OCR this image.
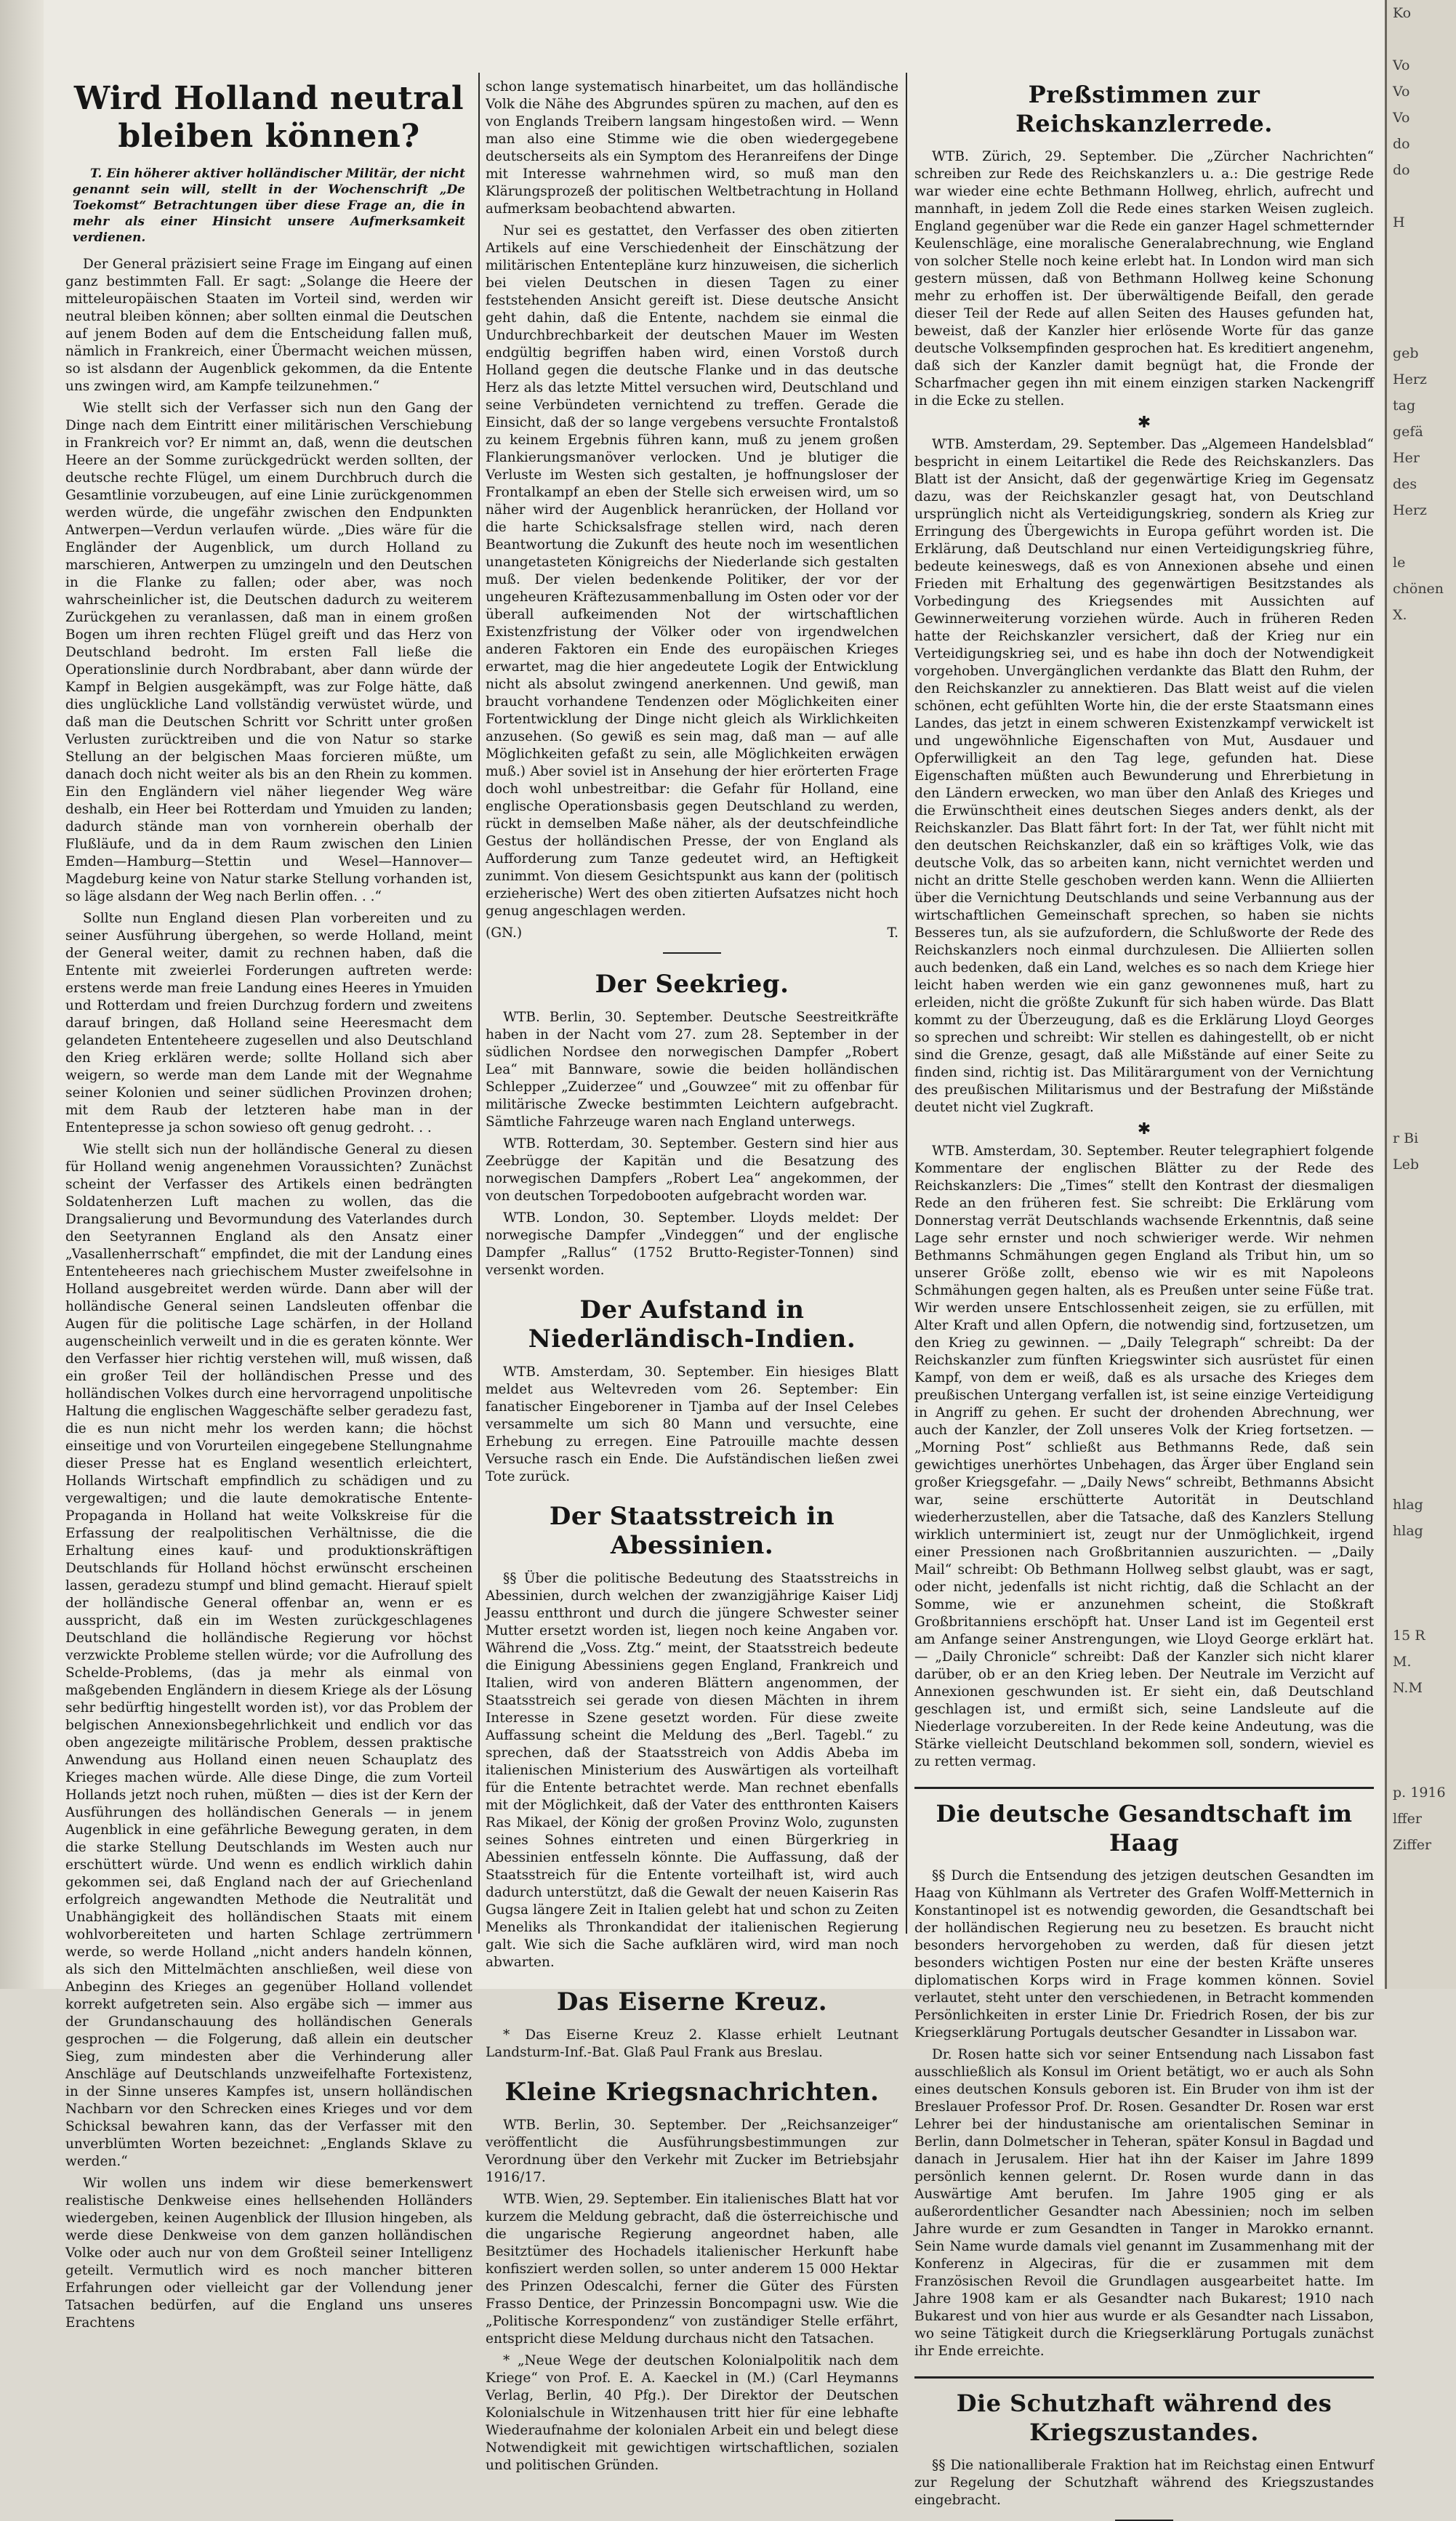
Wird Holland neutral bleiben können?

T. Ein höherer aktiver holländischer Militär, der nicht genannt sein will, stellt in der Wochenschrift „De Toekomst“ Betrachtungen über diese Frage an, die in mehr als einer Hinsicht unsere Aufmerksamkeit verdienen.

Der General präzisiert seine Frage im Eingang auf einen ganz bestimmten Fall. Er sagt: „Solange die Heere der mitteleuropäischen Staaten im Vorteil sind, werden wir neutral bleiben können; aber sollten einmal die Deutschen auf jenem Boden auf dem die Entscheidung fallen muß, nämlich in Frankreich, einer Übermacht weichen müssen, so ist alsdann der Augenblick gekommen, da die Entente uns zwingen wird, am Kampfe teilzunehmen.“

Wie stellt sich der Verfasser sich nun den Gang der Dinge nach dem Eintritt einer militärischen Verschiebung in Frankreich vor? Er nimmt an, daß, wenn die deutschen Heere an der Somme zurückgedrückt werden sollten, der deutsche rechte Flügel, um einem Durchbruch durch die Gesamtlinie vorzubeugen, auf eine Linie zurückgenommen werden würde, die ungefähr zwischen den Endpunkten Antwerpen—Verdun verlaufen würde. „Dies wäre für die Engländer der Augenblick, um durch Holland zu marschieren, Antwerpen zu umzingeln und den Deutschen in die Flanke zu fallen; oder aber, was noch wahrscheinlicher ist, die Deutschen dadurch zu weiterem Zurückgehen zu veranlassen, daß man in einem großen Bogen um ihren rechten Flügel greift und das Herz von Deutschland bedroht. Im ersten Fall ließe die Operationslinie durch Nordbrabant, aber dann würde der Kampf in Belgien ausgekämpft, was zur Folge hätte, daß dies unglückliche Land vollständig verwüstet würde, und daß man die Deutschen Schritt vor Schritt unter großen Verlusten zurücktreiben und die von Natur so starke Stellung an der belgischen Maas forcieren müßte, um danach doch nicht weiter als bis an den Rhein zu kommen. Ein den Engländern viel näher liegender Weg wäre deshalb, ein Heer bei Rotterdam und Ymuiden zu landen; dadurch stände man von vornherein oberhalb der Flußläufe, und da in dem Raum zwischen den Linien Emden—Hamburg—Stettin und Wesel—Hannover—Magdeburg keine von Natur starke Stellung vorhanden ist, so läge alsdann der Weg nach Berlin offen. . .“

Sollte nun England diesen Plan vorbereiten und zu seiner Ausführung übergehen, so werde Holland, meint der General weiter, damit zu rechnen haben, daß die Entente mit zweierlei Forderungen auftreten werde: erstens werde man freie Landung eines Heeres in Ymuiden und Rotterdam und freien Durchzug fordern und zweitens darauf bringen, daß Holland seine Heeresmacht dem gelandeten Ententeheere zugesellen und also Deutschland den Krieg erklären werde; sollte Holland sich aber weigern, so werde man dem Lande mit der Wegnahme seiner Kolonien und seiner südlichen Provinzen drohen; mit dem Raub der letzteren habe man in der Ententepresse ja schon sowieso oft genug gedroht. . .

Wie stellt sich nun der holländische General zu diesen für Holland wenig angenehmen Voraussichten? Zunächst scheint der Verfasser des Artikels einen bedrängten Soldatenherzen Luft machen zu wollen, das die Drangsalierung und Bevormundung des Vaterlandes durch den Seetyrannen England als den Ansatz einer „Vasallenherrschaft“ empfindet, die mit der Landung eines Ententeheeres nach griechischem Muster zweifelsohne in Holland ausgebreitet werden würde. Dann aber will der holländische General seinen Landsleuten offenbar die Augen für die politische Lage schärfen, in der Holland augenscheinlich verweilt und in die es geraten könnte. Wer den Verfasser hier richtig verstehen will, muß wissen, daß ein großer Teil der holländischen Presse und des holländischen Volkes durch eine hervorragend unpolitische Haltung die englischen Waggeschäfte selber geradezu fast, die es nun nicht mehr los werden kann; die höchst einseitige und von Vorurteilen eingegebene Stellungnahme dieser Presse hat es England wesentlich erleichtert, Hollands Wirtschaft empfindlich zu schädigen und zu vergewaltigen; und die laute demokratische Entente-Propaganda in Holland hat weite Volkskreise für die Erfassung der realpolitischen Verhältnisse, die die Erhaltung eines kauf- und produktionskräftigen Deutschlands für Holland höchst erwünscht erscheinen lassen, geradezu stumpf und blind gemacht. Hierauf spielt der holländische General offenbar an, wenn er es ausspricht, daß ein im Westen zurückgeschlagenes Deutschland die holländische Regierung vor höchst verzwickte Probleme stellen würde; vor die Aufrollung des Schelde-Problems, (das ja mehr als einmal von maßgebenden Engländern in diesem Kriege als der Lösung sehr bedürftig hingestellt worden ist), vor das Problem der belgischen Annexionsbegehrlichkeit und endlich vor das oben angezeigte militärische Problem, dessen praktische Anwendung aus Holland einen neuen Schauplatz des Krieges machen würde. Alle diese Dinge, die zum Vorteil Hollands jetzt noch ruhen, müßten — dies ist der Kern der Ausführungen des holländischen Generals — in jenem Augenblick in eine gefährliche Bewegung geraten, in dem die starke Stellung Deutschlands im Westen auch nur erschüttert würde. Und wenn es endlich wirklich dahin gekommen sei, daß England nach der auf Griechenland erfolgreich angewandten Methode die Neutralität und Unabhängigkeit des holländischen Staats mit einem wohlvorbereiteten und harten Schlage zertrümmern werde, so werde Holland „nicht anders handeln können, als sich den Mittelmächten anschließen, weil diese von Anbeginn des Krieges an gegenüber Holland vollendet korrekt aufgetreten sein. Also ergäbe sich — immer aus der Grundanschauung des holländischen Generals gesprochen — die Folgerung, daß allein ein deutscher Sieg, zum mindesten aber die Verhinderung aller Anschläge auf Deutschlands unzweifelhafte Fortexistenz, in der Sinne unseres Kampfes ist, unsern holländischen Nachbarn vor den Schrecken eines Krieges und vor dem Schicksal bewahren kann, das der Verfasser mit den unverblümten Worten bezeichnet: „Englands Sklave zu werden.“

Wir wollen uns indem wir diese bemerkenswert realistische Denkweise eines hellsehenden Holländers wiedergeben, keinen Augenblick der Illusion hingeben, als werde diese Denkweise von dem ganzen holländischen Volke oder auch nur von dem Großteil seiner Intelligenz geteilt. Vermutlich wird es noch mancher bitteren Erfahrungen oder vielleicht gar der Vollendung jener Tatsachen bedürfen, auf die England uns unseres Erachtens

schon lange systematisch hinarbeitet, um das holländische Volk die Nähe des Abgrundes spüren zu machen, auf den es von Englands Treibern langsam hingestoßen wird. — Wenn man also eine Stimme wie die oben wiedergegebene deutscherseits als ein Symptom des Heranreifens der Dinge mit Interesse wahrnehmen wird, so muß man den Klärungsprozeß der politischen Weltbetrachtung in Holland aufmerksam beobachtend abwarten.

Nur sei es gestattet, den Verfasser des oben zitierten Artikels auf eine Verschiedenheit der Einschätzung der militärischen Ententepläne kurz hinzuweisen, die sicherlich bei vielen Deutschen in diesen Tagen zu einer feststehenden Ansicht gereift ist. Diese deutsche Ansicht geht dahin, daß die Entente, nachdem sie einmal die Undurchbrechbarkeit der deutschen Mauer im Westen endgültig begriffen haben wird, einen Vorstoß durch Holland gegen die deutsche Flanke und in das deutsche Herz als das letzte Mittel versuchen wird, Deutschland und seine Verbündeten vernichtend zu treffen. Gerade die Einsicht, daß der so lange vergebens versuchte Frontalstoß zu keinem Ergebnis führen kann, muß zu jenem großen Flankierungsmanöver verlocken. Und je blutiger die Verluste im Westen sich gestalten, je hoffnungsloser der Frontalkampf an eben der Stelle sich erweisen wird, um so näher wird der Augenblick heranrücken, der Holland vor die harte Schicksalsfrage stellen wird, nach deren Beantwortung die Zukunft des heute noch im wesentlichen unangetasteten Königreichs der Niederlande sich gestalten muß. Der vielen bedenkende Politiker, der vor der ungeheuren Kräftezusammenballung im Osten oder vor der überall aufkeimenden Not der wirtschaftlichen Existenzfristung der Völker oder von irgendwelchen anderen Faktoren ein Ende des europäischen Krieges erwartet, mag die hier angedeutete Logik der Entwicklung nicht als absolut zwingend anerkennen. Und gewiß, man braucht vorhandene Tendenzen oder Möglichkeiten einer Fortentwicklung der Dinge nicht gleich als Wirklichkeiten anzusehen. (So gewiß es sein mag, daß man — auf alle Möglichkeiten gefaßt zu sein, alle Möglichkeiten erwägen muß.) Aber soviel ist in Ansehung der hier erörterten Frage doch wohl unbestreitbar: die Gefahr für Holland, eine englische Operationsbasis gegen Deutschland zu werden, rückt in demselben Maße näher, als der deutschfeindliche Gestus der holländischen Presse, der von England als Aufforderung zum Tanze gedeutet wird, an Heftigkeit zunimmt. Von diesem Gesichtspunkt aus kann der (politisch erzieherische) Wert des oben zitierten Aufsatzes nicht hoch genug angeschlagen werden.

(GN.)	T.
Der Seekrieg.

WTB. Berlin, 30. September. Deutsche Seestreitkräfte haben in der Nacht vom 27. zum 28. September in der südlichen Nordsee den norwegischen Dampfer „Robert Lea“ mit Bannware, sowie die beiden holländischen Schlepper „Zuiderzee“ und „Gouwzee“ mit zu offenbar für militärische Zwecke bestimmten Leichtern aufgebracht. Sämtliche Fahrzeuge waren nach England unterwegs.

WTB. Rotterdam, 30. September. Gestern sind hier aus Zeebrügge der Kapitän und die Besatzung des norwegischen Dampfers „Robert Lea“ angekommen, der von deutschen Torpedobooten aufgebracht worden war.

WTB. London, 30. September. Lloyds meldet: Der norwegische Dampfer „Vindeggen“ und der englische Dampfer „Rallus“ (1752 Brutto-Register-Tonnen) sind versenkt worden.

Der Aufstand in Niederländisch-Indien.

WTB. Amsterdam, 30. September. Ein hiesiges Blatt meldet aus Weltevreden vom 26. September: Ein fanatischer Eingeborener in Tjamba auf der Insel Celebes versammelte um sich 80 Mann und versuchte, eine Erhebung zu erregen. Eine Patrouille machte dessen Versuche rasch ein Ende. Die Aufständischen ließen zwei Tote zurück.

Der Staatsstreich in Abessinien.

§§ Über die politische Bedeutung des Staatsstreichs in Abessinien, durch welchen der zwanzigjährige Kaiser Lidj Jeassu entthront und durch die jüngere Schwester seiner Mutter ersetzt worden ist, liegen noch keine Angaben vor. Während die „Voss. Ztg.“ meint, der Staatsstreich bedeute die Einigung Abessiniens gegen England, Frankreich und Italien, wird von anderen Blättern angenommen, der Staatsstreich sei gerade von diesen Mächten in ihrem Interesse in Szene gesetzt worden. Für diese zweite Auffassung scheint die Meldung des „Berl. Tagebl.“ zu sprechen, daß der Staatsstreich von Addis Abeba im italienischen Ministerium des Auswärtigen als vorteilhaft für die Entente betrachtet werde. Man rechnet ebenfalls mit der Möglichkeit, daß der Vater des entthronten Kaisers Ras Mikael, der König der großen Provinz Wolo, zugunsten seines Sohnes eintreten und einen Bürgerkrieg in Abessinien entfesseln könnte. Die Auffassung, daß der Staatsstreich für die Entente vorteilhaft ist, wird auch dadurch unterstützt, daß die Gewalt der neuen Kaiserin Ras Gugsa längere Zeit in Italien gelebt hat und schon zu Zeiten Meneliks als Thronkandidat der italienischen Regierung galt. Wie sich die Sache aufklären wird, wird man noch abwarten.

Das Eiserne Kreuz.

* Das Eiserne Kreuz 2. Klasse erhielt Leutnant Landsturm-Inf.-Bat. Glaß Paul Frank aus Breslau.

Kleine Kriegsnachrichten.

WTB. Berlin, 30. September. Der „Reichsanzeiger“ veröffentlicht die Ausführungsbestimmungen zur Verordnung über den Verkehr mit Zucker im Betriebsjahr 1916/17.

WTB. Wien, 29. September. Ein italienisches Blatt hat vor kurzem die Meldung gebracht, daß die österreichische und die ungarische Regierung angeordnet haben, alle Besitztümer des Hochadels italienischer Herkunft habe konfisziert werden sollen, so unter anderem 15 000 Hektar des Prinzen Odescalchi, ferner die Güter des Fürsten Frasso Dentice, der Prinzessin Boncompagni usw. Wie die „Politische Korrespondenz“ von zuständiger Stelle erfährt, entspricht diese Meldung durchaus nicht den Tatsachen.

* „Neue Wege der deutschen Kolonialpolitik nach dem Kriege“ von Prof. E. A. Kaeckel in (M.) (Carl Heymanns Verlag, Berlin, 40 Pfg.). Der Direktor der Deutschen Kolonialschule in Witzenhausen tritt hier für eine lebhafte Wiederaufnahme der kolonialen Arbeit ein und belegt diese Notwendigkeit mit gewichtigen wirtschaftlichen, sozialen und politischen Gründen.

Preßstimmen zur Reichskanzlerrede.

WTB. Zürich, 29. September. Die „Zürcher Nachrichten“ schreiben zur Rede des Reichskanzlers u. a.: Die gestrige Rede war wieder eine echte Bethmann Hollweg, ehrlich, aufrecht und mannhaft, in jedem Zoll die Rede eines starken Weisen zugleich. England gegenüber war die Rede ein ganzer Hagel schmetternder Keulenschläge, eine moralische Generalabrechnung, wie England von solcher Stelle noch keine erlebt hat. In London wird man sich gestern müssen, daß von Bethmann Hollweg keine Schonung mehr zu erhoffen ist. Der überwältigende Beifall, den gerade dieser Teil der Rede auf allen Seiten des Hauses gefunden hat, beweist, daß der Kanzler hier erlösende Worte für das ganze deutsche Volksempfinden gesprochen hat. Es kreditiert angenehm, daß sich der Kanzler damit begnügt hat, die Fronde der Scharfmacher gegen ihn mit einem einzigen starken Nackengriff in die Ecke zu stellen.

✱

WTB. Amsterdam, 29. September. Das „Algemeen Handelsblad“ bespricht in einem Leitartikel die Rede des Reichskanzlers. Das Blatt ist der Ansicht, daß der gegenwärtige Krieg im Gegensatz dazu, was der Reichskanzler gesagt hat, von Deutschland ursprünglich nicht als Verteidigungskrieg, sondern als Krieg zur Erringung des Übergewichts in Europa geführt worden ist. Die Erklärung, daß Deutschland nur einen Verteidigungskrieg führe, bedeute keineswegs, daß es von Annexionen absehe und einen Frieden mit Erhaltung des gegenwärtigen Besitzstandes als Vorbedingung des Kriegsendes mit Aussichten auf Gewinnerweiterung vorziehen würde. Auch in früheren Reden hatte der Reichskanzler versichert, daß der Krieg nur ein Verteidigungskrieg sei, und es habe ihn doch der Notwendigkeit vorgehoben. Unvergänglichen verdankte das Blatt den Ruhm, der den Reichskanzler zu annektieren. Das Blatt weist auf die vielen schönen, echt gefühlten Worte hin, die der erste Staatsmann eines Landes, das jetzt in einem schweren Existenzkampf verwickelt ist und ungewöhnliche Eigenschaften von Mut, Ausdauer und Opferwilligkeit an den Tag lege, gefunden hat. Diese Eigenschaften müßten auch Bewunderung und Ehrerbietung in den Ländern erwecken, wo man über den Anlaß des Krieges und die Erwünschtheit eines deutschen Sieges anders denkt, als der Reichskanzler. Das Blatt fährt fort: In der Tat, wer fühlt nicht mit den deutschen Reichskanzler, daß ein so kräftiges Volk, wie das deutsche Volk, das so arbeiten kann, nicht vernichtet werden und nicht an dritte Stelle geschoben werden kann. Wenn die Alliierten über die Vernichtung Deutschlands und seine Verbannung aus der wirtschaftlichen Gemeinschaft sprechen, so haben sie nichts Besseres tun, als sie aufzufordern, die Schlußworte der Rede des Reichskanzlers noch einmal durchzulesen. Die Alliierten sollen auch bedenken, daß ein Land, welches es so nach dem Kriege hier leicht haben werden wie ein ganz gewonnenes muß, hart zu erleiden, nicht die größte Zukunft für sich haben würde. Das Blatt kommt zu der Überzeugung, daß es die Erklärung Lloyd Georges so sprechen und schreibt: Wir stellen es dahingestellt, ob er nicht sind die Grenze, gesagt, daß alle Mißstände auf einer Seite zu finden sind, richtig ist. Das Militärargument von der Vernichtung des preußischen Militarismus und der Bestrafung der Mißstände deutet nicht viel Zugkraft.

✱

WTB. Amsterdam, 30. September. Reuter telegraphiert folgende Kommentare der englischen Blätter zu der Rede des Reichskanzlers: Die „Times“ stellt den Kontrast der diesmaligen Rede an den früheren fest. Sie schreibt: Die Erklärung vom Donnerstag verrät Deutschlands wachsende Erkenntnis, daß seine Lage sehr ernster und noch schwieriger werde. Wir nehmen Bethmanns Schmähungen gegen England als Tribut hin, um so unserer Größe zollt, ebenso wie wir es mit Napoleons Schmähungen gegen halten, als es Preußen unter seine Füße trat. Wir werden unsere Entschlossenheit zeigen, sie zu erfüllen, mit Alter Kraft und allen Opfern, die notwendig sind, fortzusetzen, um den Krieg zu gewinnen. — „Daily Telegraph“ schreibt: Da der Reichskanzler zum fünften Kriegswinter sich ausrüstet für einen Kampf, von dem er weiß, daß es als ursache des Krieges dem preußischen Untergang verfallen ist, ist seine einzige Verteidigung in Angriff zu gehen. Er sucht der drohenden Abrechnung, wer auch der Kanzler, der Zoll unseres Volk der Krieg fortsetzen. — „Morning Post“ schließt aus Bethmanns Rede, daß sein gewichtiges unerhörtes Unbehagen, das Ärger über England sein großer Kriegsgefahr. — „Daily News“ schreibt, Bethmanns Absicht war, seine erschütterte Autorität in Deutschland wiederherzustellen, aber die Tatsache, daß des Kanzlers Stellung wirklich unterminiert ist, zeugt nur der Unmöglichkeit, irgend einer Pressionen nach Großbritannien auszurichten. — „Daily Mail“ schreibt: Ob Bethmann Hollweg selbst glaubt, was er sagt, oder nicht, jedenfalls ist nicht richtig, daß die Schlacht an der Somme, wie er anzunehmen scheint, die Stoßkraft Großbritanniens erschöpft hat. Unser Land ist im Gegenteil erst am Anfange seiner Anstrengungen, wie Lloyd George erklärt hat. — „Daily Chronicle“ schreibt: Daß der Kanzler sich nicht klarer darüber, ob er an den Krieg leben. Der Neutrale im Verzicht auf Annexionen geschwunden ist. Er sieht ein, daß Deutschland geschlagen ist, und ermißt sich, seine Landsleute auf die Niederlage vorzubereiten. In der Rede keine Andeutung, was die Stärke vielleicht Deutschland bekommen soll, sondern, wieviel es zu retten vermag.

Die deutsche Gesandtschaft im Haag

§§ Durch die Entsendung des jetzigen deutschen Gesandten im Haag von Kühlmann als Vertreter des Grafen Wolff-Metternich in Konstantinopel ist es notwendig geworden, die Gesandtschaft bei der holländischen Regierung neu zu besetzen. Es braucht nicht besonders hervorgehoben zu werden, daß für diesen jetzt besonders wichtigen Posten nur eine der besten Kräfte unseres diplomatischen Korps wird in Frage kommen können. Soviel verlautet, steht unter den verschiedenen, in Betracht kommenden Persönlichkeiten in erster Linie Dr. Friedrich Rosen, der bis zur Kriegserklärung Portugals deutscher Gesandter in Lissabon war.

Dr. Rosen hatte sich vor seiner Entsendung nach Lissabon fast ausschließlich als Konsul im Orient betätigt, wo er auch als Sohn eines deutschen Konsuls geboren ist. Ein Bruder von ihm ist der Breslauer Professor Prof. Dr. Rosen. Gesandter Dr. Rosen war erst Lehrer bei der hindustanische am orientalischen Seminar in Berlin, dann Dolmetscher in Teheran, später Konsul in Bagdad und danach in Jerusalem. Hier hat ihn der Kaiser im Jahre 1899 persönlich kennen gelernt. Dr. Rosen wurde dann in das Auswärtige Amt berufen. Im Jahre 1905 ging er als außerordentlicher Gesandter nach Abessinien; noch im selben Jahre wurde er zum Gesandten in Tanger in Marokko ernannt. Sein Name wurde damals viel genannt im Zusammenhang mit der Konferenz in Algeciras, für die er zusammen mit dem Französischen Revoil die Grundlagen ausgearbeitet hatte. Im Jahre 1908 kam er als Gesandter nach Bukarest; 1910 nach Bukarest und von hier aus wurde er als Gesandter nach Lissabon, wo seine Tätigkeit durch die Kriegserklärung Portugals zunächst ihr Ende erreichte.

Die Schutzhaft während des Kriegszustandes.

§§ Die nationalliberale Fraktion hat im Reichstag einen Entwurf zur Regelung der Schutzhaft während des Kriegszustandes eingebracht.

Ko

Vo
Vo
Vo
do
do

H

geb
Herz
tag
gefä
Her
des
Herz

le
chönen
X.

r Bi
Leb

hlag
hlag

15 R
M.
N.M

p. 1916
lffer
Ziffer
